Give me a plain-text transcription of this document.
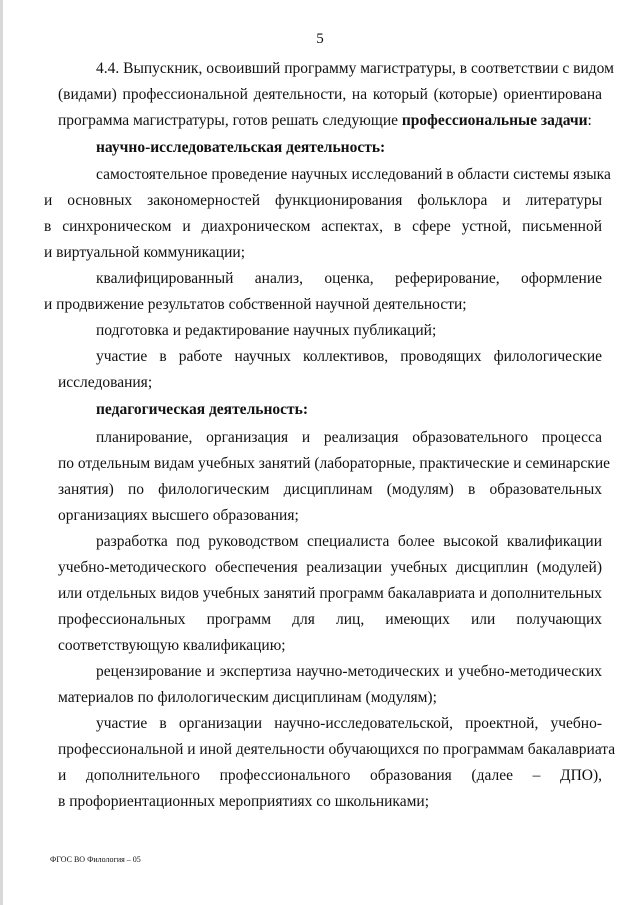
5
4.4. Выпускник, освоивший программу магистратуры, в соответствии с видом
(видами) профессиональной деятельности, на который (которые) ориентирована
программа магистратуры, готов решать следующие профессиональные задачи:
научно-исследовательская деятельность:
самостоятельное проведение научных исследований в области системы языка
и основных закономерностей функционирования фольклора и литературы
в синхроническом и диахроническом аспектах, в сфере устной, письменной
и виртуальной коммуникации;
квалифицированный анализ, оценка, реферирование, оформление
и продвижение результатов собственной научной деятельности;
подготовка и редактирование научных публикаций;
участие в работе научных коллективов, проводящих филологические
исследования;
педагогическая деятельность:
планирование, организация и реализация образовательного процесса
по отдельным видам учебных занятий (лабораторные, практические и семинарские
занятия) по филологическим дисциплинам (модулям) в образовательных
организациях высшего образования;
разработка под руководством специалиста более высокой квалификации
учебно-методического обеспечения реализации учебных дисциплин (модулей)
или отдельных видов учебных занятий программ бакалавриата и дополнительных
профессиональных программ для лиц, имеющих или получающих
соответствующую квалификацию;
рецензирование и экспертиза научно-методических и учебно-методических
материалов по филологическим дисциплинам (модулям);
участие в организации научно-исследовательской, проектной, учебно-
профессиональной и иной деятельности обучающихся по программам бакалавриата
и дополнительного профессионального образования (далее – ДПО),
в профориентационных мероприятиях со школьниками;
ФГОС ВО Филология – 05
